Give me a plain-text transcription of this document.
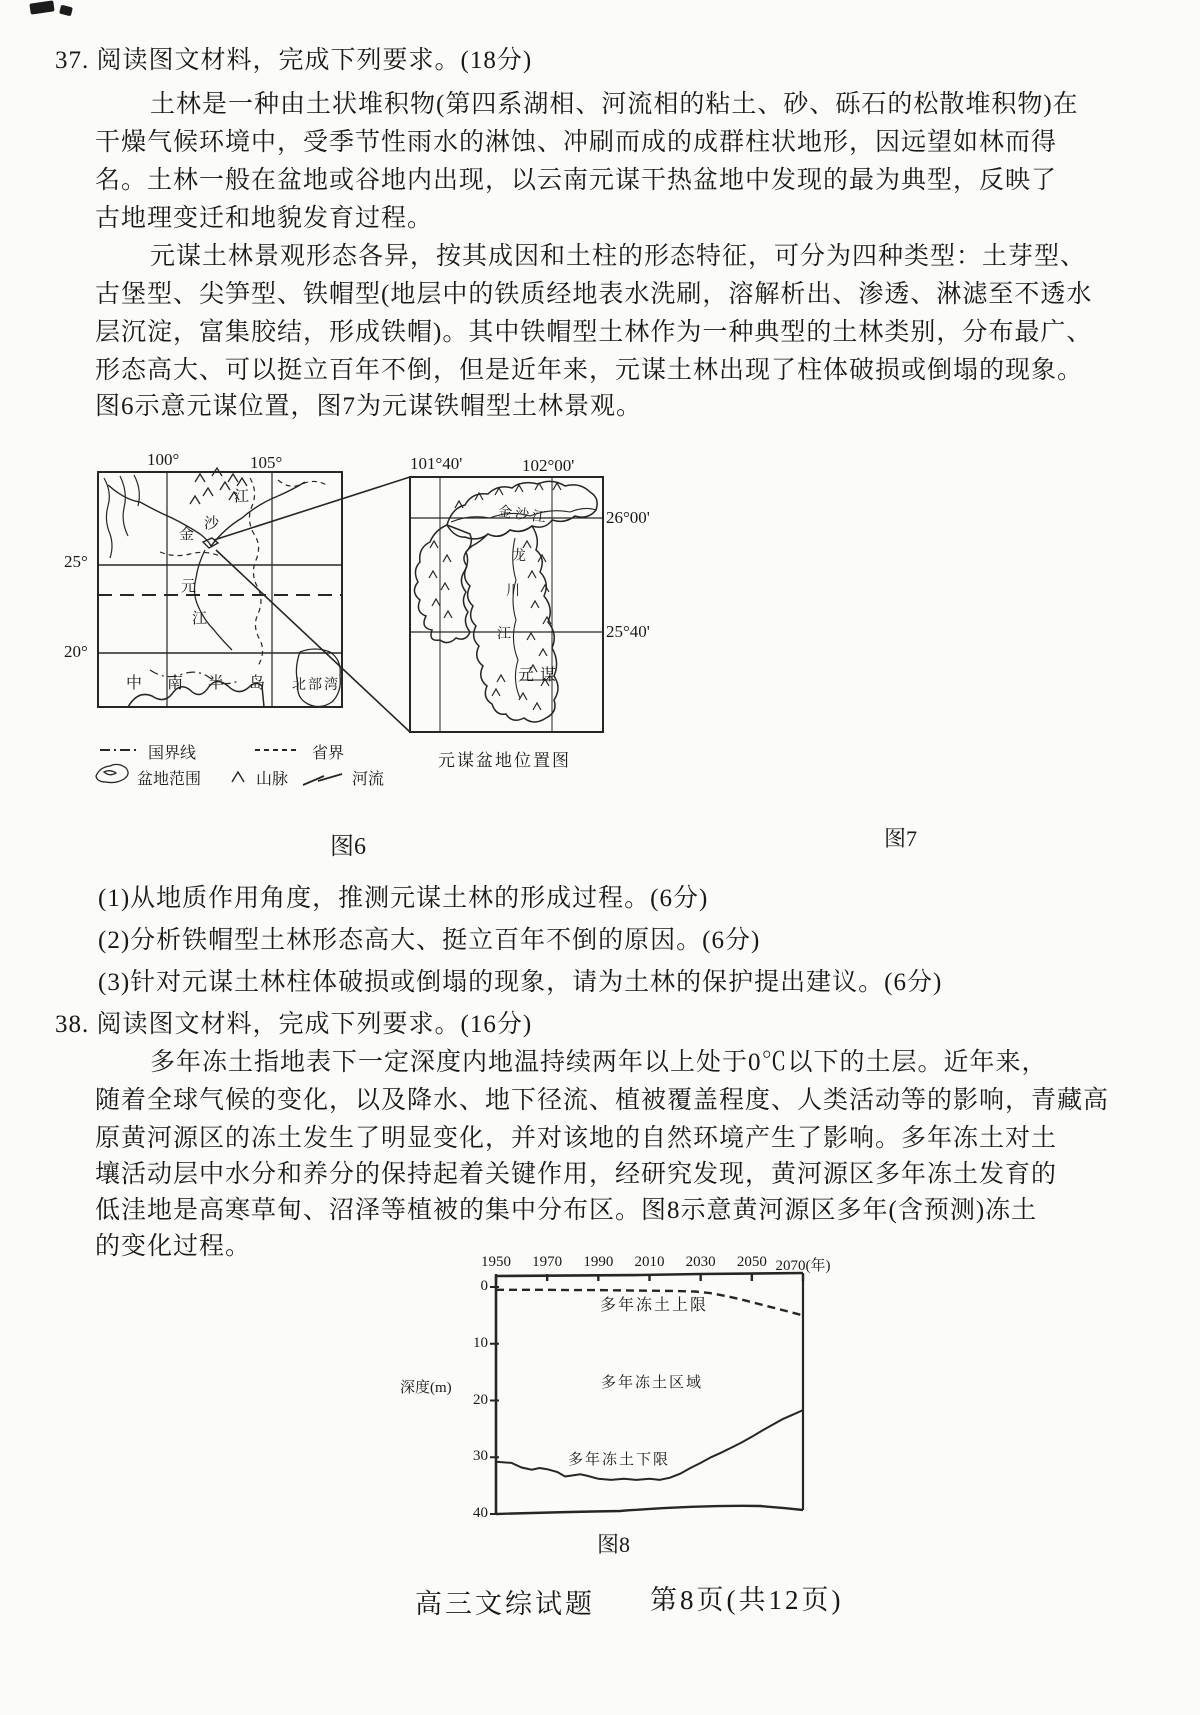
37. 阅读图文材料，完成下列要求。(18分)
土林是一种由土状堆积物(第四系湖相、河流相的粘土、砂、砾石的松散堆积物)在
干燥气候环境中，受季节性雨水的淋蚀、冲刷而成的成群柱状地形，因远望如林而得
名。土林一般在盆地或谷地内出现，以云南元谋干热盆地中发现的最为典型，反映了
古地理变迁和地貌发育过程。
元谋土林景观形态各异，按其成因和土柱的形态特征，可分为四种类型：土芽型、
古堡型、尖笋型、铁帽型(地层中的铁质经地表水洗刷，溶解析出、渗透、淋滤至不透水
层沉淀，富集胶结，形成铁帽)。其中铁帽型土林作为一种典型的土林类别，分布最广、
形态高大、可以挺立百年不倒，但是近年来，元谋土林出现了柱体破损或倒塌的现象。
图6示意元谋位置，图7为元谋铁帽型土林景观。
100°	105°
25°
20°
金
沙
江
元
江
中南半岛 北部湾
101°40'	102°00'
26°00'
25°40'
金沙江
龙
川
江
元谋
元谋盆地位置图
国界线	省界
盆地范围	山脉	河流
图6	图7
(1)从地质作用角度，推测元谋土林的形成过程。(6分)
(2)分析铁帽型土林形态高大、挺立百年不倒的原因。(6分)
(3)针对元谋土林柱体破损或倒塌的现象，请为土林的保护提出建议。(6分)
38. 阅读图文材料，完成下列要求。(16分)
多年冻土指地表下一定深度内地温持续两年以上处于0℃以下的土层。近年来，
随着全球气候的变化，以及降水、地下径流、植被覆盖程度、人类活动等的影响，青藏高
原黄河源区的冻土发生了明显变化，并对该地的自然环境产生了影响。多年冻土对土
壤活动层中水分和养分的保持起着关键作用，经研究发现，黄河源区多年冻土发育的
低洼地是高寒草甸、沼泽等植被的集中分布区。图8示意黄河源区多年(含预测)冻土
的变化过程。
深度(m)
多年冻土上限
多年冻土区域
多年冻土下限
图8
1950 1970 1990 2010 2030 2050 2070(年)
0
10
20
30
40
高三文综试题 第8页(共12页)
